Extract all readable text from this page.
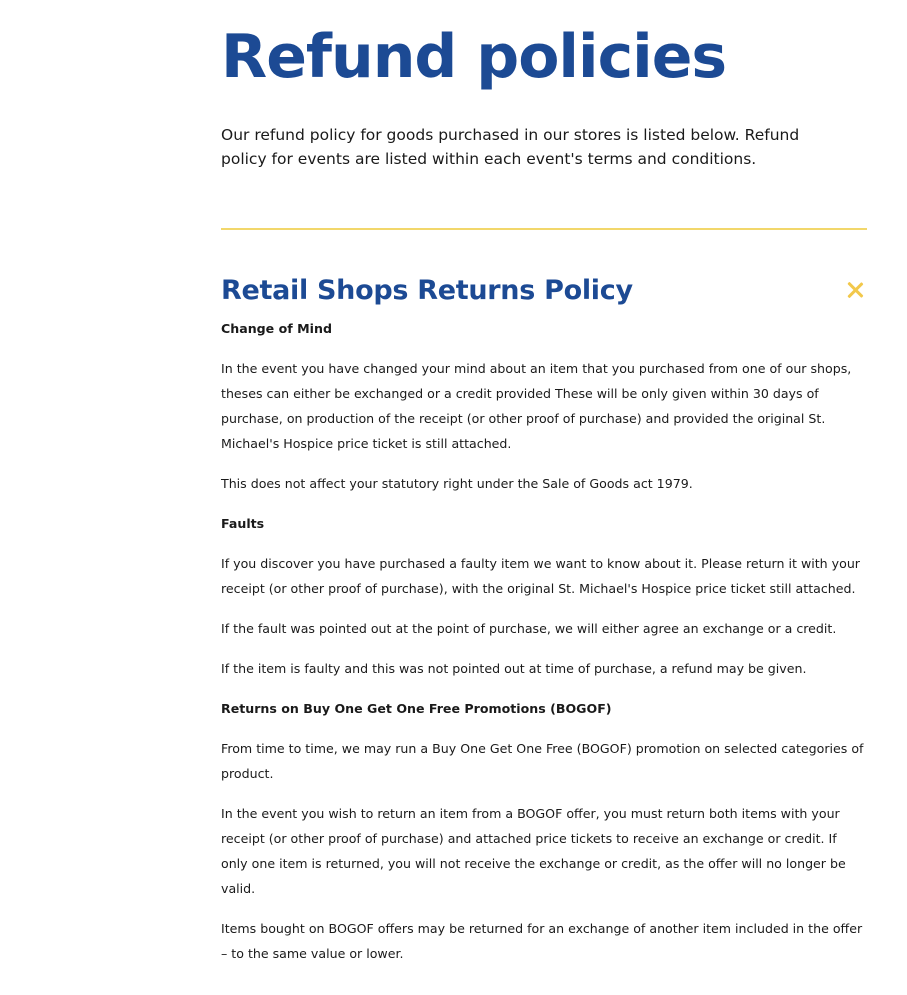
Refund policies

Our refund policy for goods purchased in our stores is listed below. Refund policy for events are listed within each event's terms and conditions.

Retail Shops Returns Policy
Change of Mind

In the event you have changed your mind about an item that you purchased from one of our shops, theses can either be exchanged or a credit provided These will be only given within 30 days of purchase, on production of the receipt (or other proof of purchase) and provided the original St. Michael's Hospice price ticket is still attached.

This does not affect your statutory right under the Sale of Goods act 1979.

Faults

If you discover you have purchased a faulty item we want to know about it. Please return it with your receipt (or other proof of purchase), with the original St. Michael's Hospice price ticket still attached.

If the fault was pointed out at the point of purchase, we will either agree an exchange or a credit.

If the item is faulty and this was not pointed out at time of purchase, a refund may be given.

Returns on Buy One Get One Free Promotions (BOGOF)

From time to time, we may run a Buy One Get One Free (BOGOF) promotion on selected categories of product.

In the event you wish to return an item from a BOGOF offer, you must return both items with your receipt (or other proof of purchase) and attached price tickets to receive an exchange or credit. If only one item is returned, you will not receive the exchange or credit, as the offer will no longer be valid.

Items bought on BOGOF offers may be returned for an exchange of another item included in the offer – to the same value or lower.
